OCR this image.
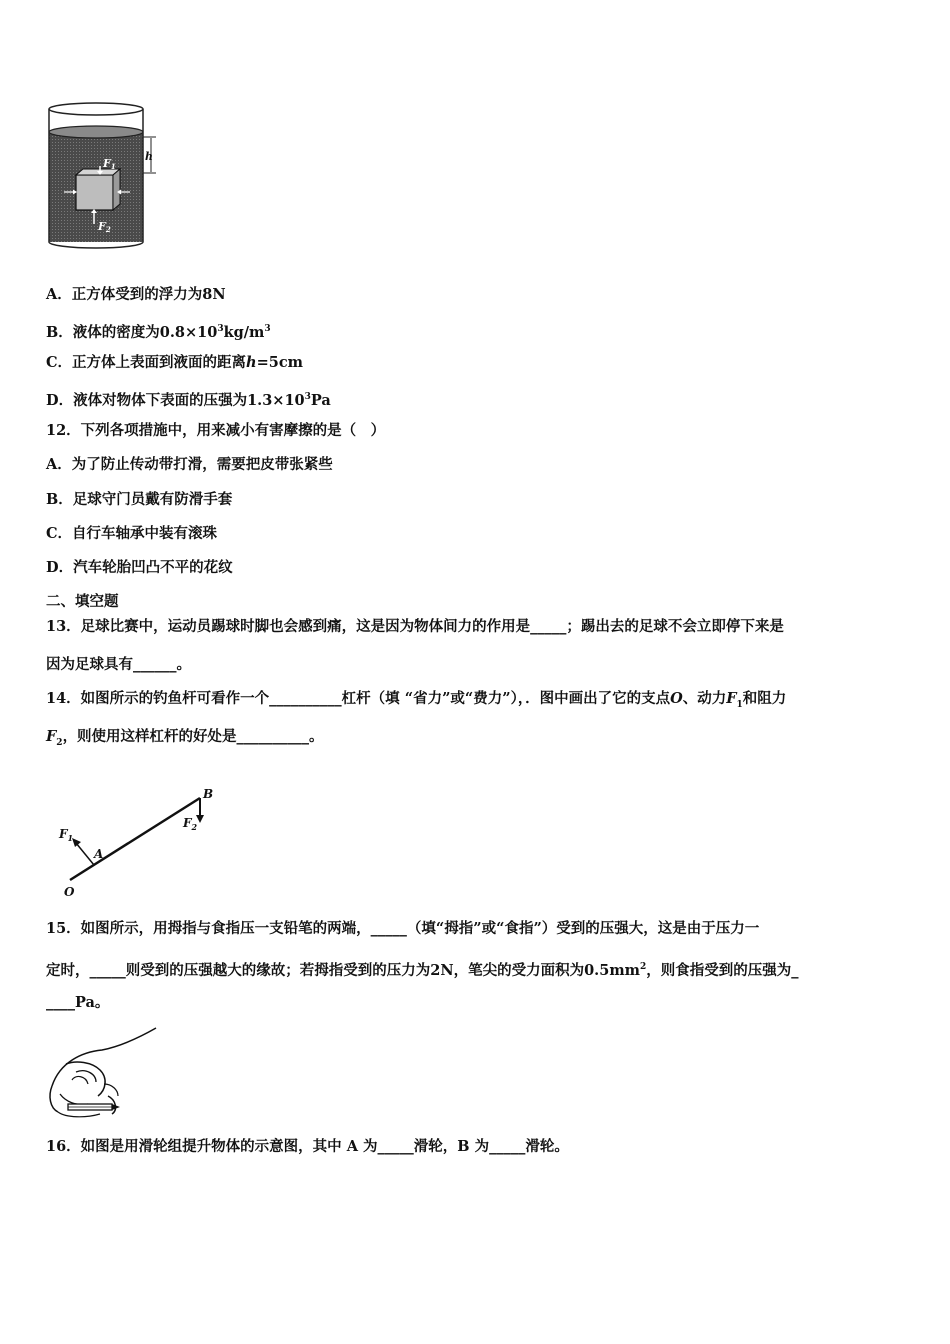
h
F1
F2
A．正方体受到的浮力为8N
B．液体的密度为$0.8\times 10^3kg/m^3$
C．正方体上表面到液面的距离h=5cm
D．液体对物体下表面的压强为$1.3\times 10^3Pa$
12．下列各项措施中，用来减小有害摩擦的是（　）
A．为了防止传动带打滑，需要把皮带张紧些
B．足球守门员戴有防滑手套
C．自行车轴承中装有滚珠
D．汽车轮胎凹凸不平的花纹
二、填空题
13．足球比赛中，运动员踢球时脚也会感到痛，这是因为物体间力的作用是_____；踢出去的足球不会立即停下来是
因为足球具有______。
14．如图所示的钓鱼杆可看作一个__________杠杆（填 “省力”或“费力”），．图中画出了它的支点O、动力$F_1$和阻力
$F_2$，则使用这样杠杆的好处是__________。
B
A
O
$F_1$
$F_2$
15．如图所示，用拇指与食指压一支铅笔的两端，_____（填“拇指”或“食指”）受到的压强大，这是由于压力一
定时，_____则受到的压强越大的缘故；若拇指受到的压力为2N，笔尖的受力面积为$0.5mm^2$，则食指受到的压强为_
____Pa。
16．如图是用滑轮组提升物体的示意图，其中 A 为_____滑轮，B 为_____滑轮。
